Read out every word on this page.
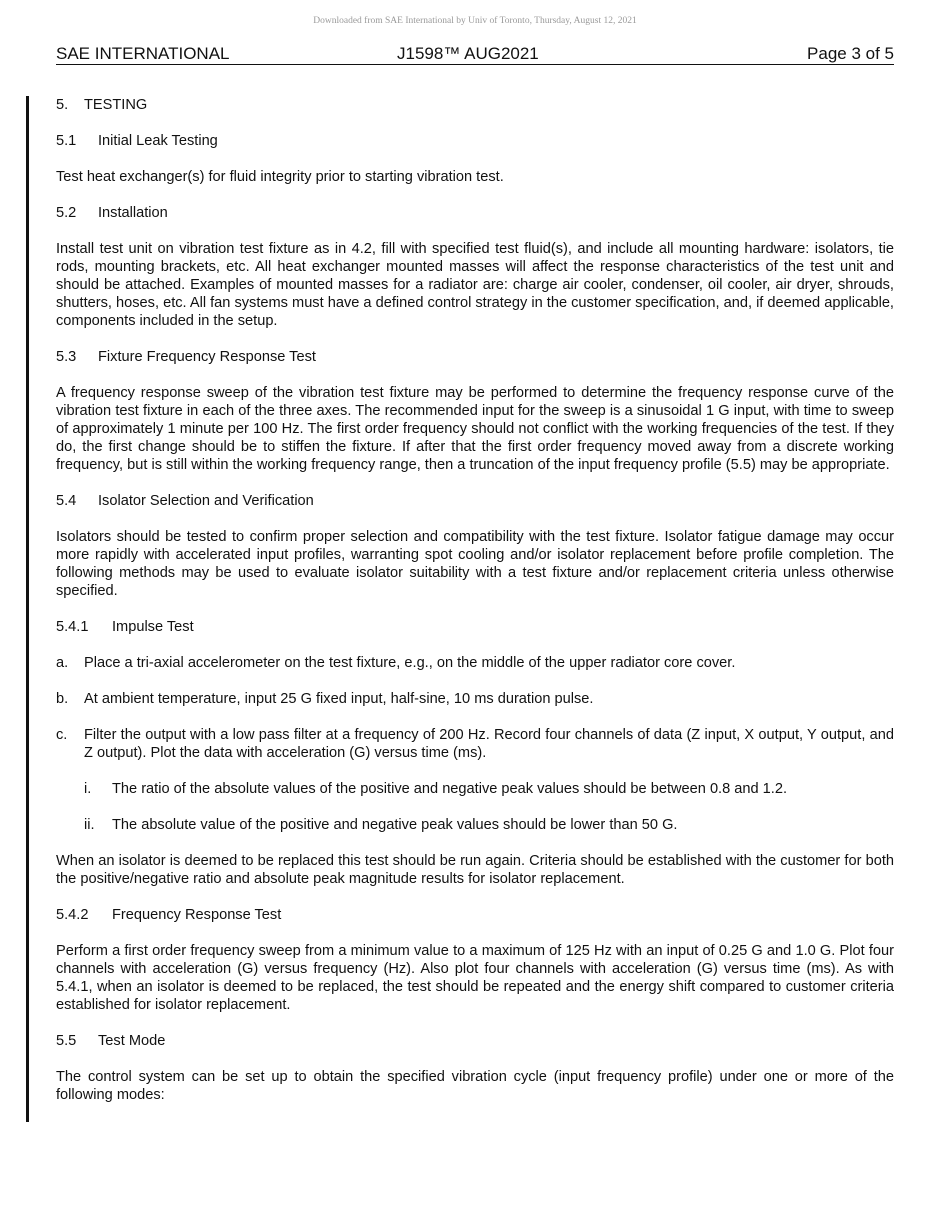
Downloaded from SAE International by Univ of Toronto, Thursday, August 12, 2021
SAE INTERNATIONAL	J1598™ AUG2021	Page 3 of 5

5. TESTING

5.1 Initial Leak Testing

Test heat exchanger(s) for fluid integrity prior to starting vibration test.

5.2 Installation

Install test unit on vibration test fixture as in 4.2, fill with specified test fluid(s), and include all mounting hardware: isolators, tie rods, mounting brackets, etc. All heat exchanger mounted masses will affect the response characteristics of the test unit and should be attached. Examples of mounted masses for a radiator are: charge air cooler, condenser, oil cooler, air dryer, shrouds, shutters, hoses, etc. All fan systems must have a defined control strategy in the customer specification, and, if deemed applicable, components included in the setup.

5.3 Fixture Frequency Response Test

A frequency response sweep of the vibration test fixture may be performed to determine the frequency response curve of the vibration test fixture in each of the three axes. The recommended input for the sweep is a sinusoidal 1 G input, with time to sweep of approximately 1 minute per 100 Hz. The first order frequency should not conflict with the working frequencies of the test. If they do, the first change should be to stiffen the fixture. If after that the first order frequency moved away from a discrete working frequency, but is still within the working frequency range, then a truncation of the input frequency profile (5.5) may be appropriate.

5.4 Isolator Selection and Verification

Isolators should be tested to confirm proper selection and compatibility with the test fixture. Isolator fatigue damage may occur more rapidly with accelerated input profiles, warranting spot cooling and/or isolator replacement before profile completion. The following methods may be used to evaluate isolator suitability with a test fixture and/or replacement criteria unless otherwise specified.

5.4.1 Impulse Test

a. Place a tri-axial accelerometer on the test fixture, e.g., on the middle of the upper radiator core cover.

b. At ambient temperature, input 25 G fixed input, half-sine, 10 ms duration pulse.

c. Filter the output with a low pass filter at a frequency of 200 Hz. Record four channels of data (Z input, X output, Y output, and Z output). Plot the data with acceleration (G) versus time (ms).

i. The ratio of the absolute values of the positive and negative peak values should be between 0.8 and 1.2.

ii. The absolute value of the positive and negative peak values should be lower than 50 G.

When an isolator is deemed to be replaced this test should be run again. Criteria should be established with the customer for both the positive/negative ratio and absolute peak magnitude results for isolator replacement.

5.4.2 Frequency Response Test

Perform a first order frequency sweep from a minimum value to a maximum of 125 Hz with an input of 0.25 G and 1.0 G. Plot four channels with acceleration (G) versus frequency (Hz). Also plot four channels with acceleration (G) versus time (ms). As with 5.4.1, when an isolator is deemed to be replaced, the test should be repeated and the energy shift compared to customer criteria established for isolator replacement.

5.5 Test Mode

The control system can be set up to obtain the specified vibration cycle (input frequency profile) under one or more of the following modes:
